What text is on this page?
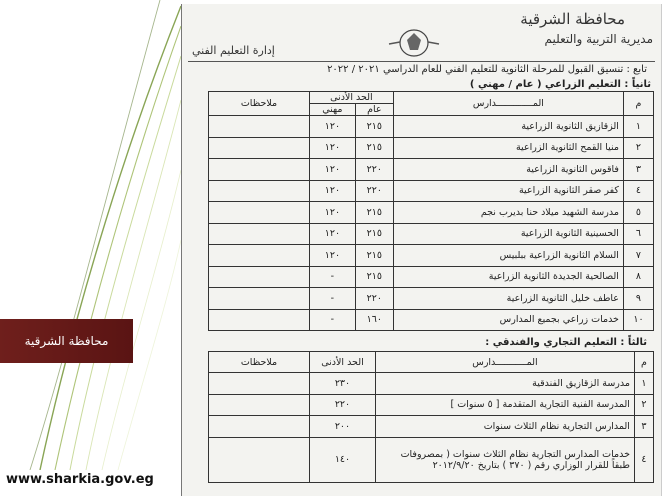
محافظة الشرقية
www.sharkia.gov.eg
محافظة الشرقية
مديرية التربية والتعليم
إدارة التعليم الفني
تابع : تنسيق القبول للمرحلة الثانوية للتعليم الفني للعام الدراسي ٢٠٢١ / ٢٠٢٢
ثانياً : التعليم الزراعي ( عام / مهني )
م	المـــــــــــــدارس	الحد الأدنى		ملاحظات
		عام	مهني	
١	الزقازيق الثانوية الزراعية	٢١٥	١٢٠	
٢	منيا القمح الثانوية الزراعية	٢١٥	١٢٠	
٣	فاقوس الثانوية الزراعية	٢٢٠	١٢٠	
٤	كفر صقر الثانوية الزراعية	٢٢٠	١٢٠	
٥	مدرسة الشهيد ميلاد حنا بديرب نجم	٢١٥	١٢٠	
٦	الحسينية الثانوية الزراعية	٢١٥	١٢٠	
٧	السلام الثانوية الزراعية ببلبيس	٢١٥	١٢٠	
٨	الصالحية الجديدة الثانوية الزراعية	٢١٥	-	
٩	عاطف خليل الثانوية الزراعية	٢٢٠	-	
١٠	خدمات زراعي بجميع المدارس	١٦٠	-	
ثالثاً : التعليم التجاري والفندقي :
م	المـــــــــــدارس	الحد الأدنى	ملاحظات
١	مدرسة الزقازيق الفندقية	٢٣٠	
٢	المدرسة الفنية التجارية المتقدمة [ ٥ سنوات ]	٢٢٠	
٣	المدارس التجارية نظام الثلاث سنوات	٢٠٠	
٤	خدمات المدارس التجارية نظام الثلاث سنوات ( بمصروفات طبقاً للقرار الوزاري رقم ( ٣٧٠ ) بتاريخ ٢٠١٢/٩/٢٠	١٤٠	
